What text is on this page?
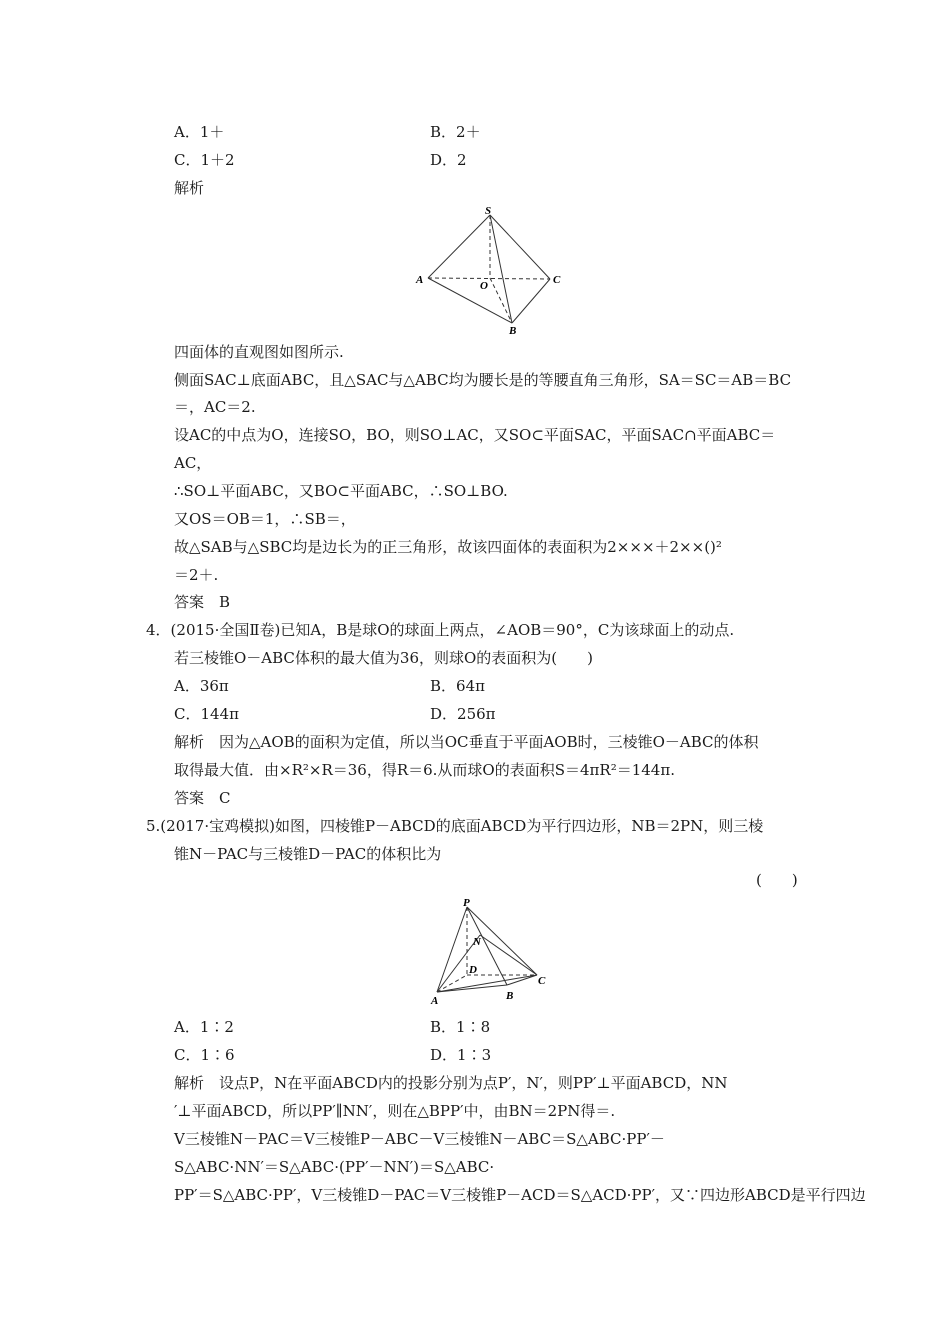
A．1＋	B．2＋
C．1＋2	D．2
解析
S
A	O	C
B
四面体的直观图如图所示.
侧面SAC⊥底面ABC，且△SAC与△ABC均为腰长是的等腰直角三角形，SA＝SC＝AB＝BC
＝，AC＝2.
设AC的中点为O，连接SO，BO，则SO⊥AC，又SO⊂平面SAC，平面SAC∩平面ABC＝
AC，
∴SO⊥平面ABC，又BO⊂平面ABC，∴SO⊥BO.
又OS＝OB＝1，∴SB＝，
故△SAB与△SBC均是边长为的正三角形，故该四面体的表面积为2×××＋2××()²
＝2＋.
答案　B
4．(2015·全国Ⅱ卷)已知A，B是球O的球面上两点，∠AOB＝90°，C为该球面上的动点.
若三棱锥O－ABC体积的最大值为36，则球O的表面积为(　　)
A．36π	B．64π
C．144π	D．256π
解析　因为△AOB的面积为定值，所以当OC垂直于平面AOB时，三棱锥O－ABC的体积
取得最大值．由×R²×R＝36，得R＝6.从而球O的表面积S＝4πR²＝144π.
答案　C
5.(2017·宝鸡模拟)如图，四棱锥P－ABCD的底面ABCD为平行四边形，NB＝2PN，则三棱
锥N－PAC与三棱锥D－PAC的体积比为
(　　)
P
N
D
A	B
C
A．1∶2	B．1∶8
C．1∶6	D．1∶3
解析　设点P，N在平面ABCD内的投影分别为点P′，N′，则PP′⊥平面ABCD，NN
′⊥平面ABCD，所以PP′∥NN′，则在△BPP′中，由BN＝2PN得＝.
V三棱锥N－PAC＝V三棱锥P－ABC－V三棱锥N－ABC＝S△ABC·PP′－
S△ABC·NN′＝S△ABC·(PP′－NN′)＝S△ABC·
PP′＝S△ABC·PP′，V三棱锥D－PAC＝V三棱锥P－ACD＝S△ACD·PP′，又∵四边形ABCD是平行四边
